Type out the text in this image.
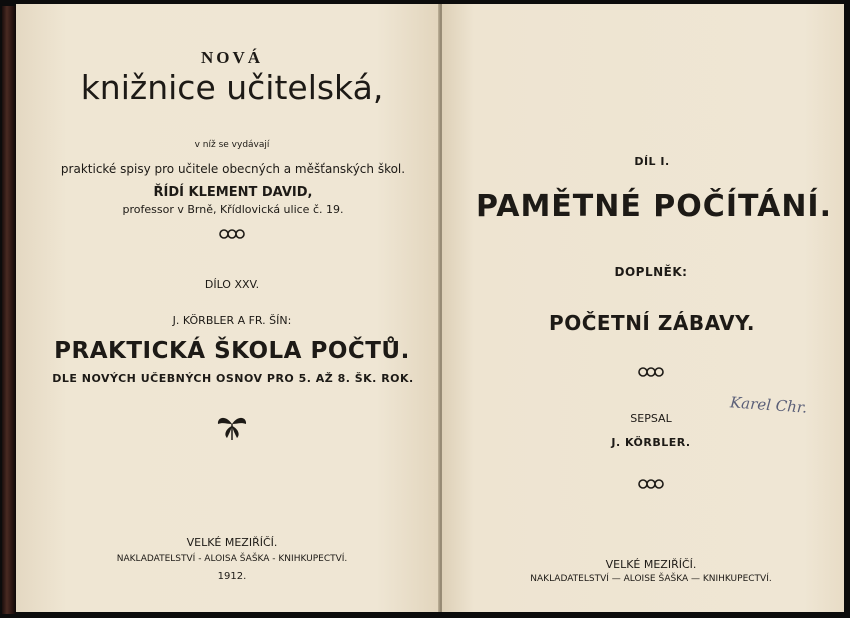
NOVÁ
knižnice učitelská,
v níž se vydávají
praktické spisy pro učitele obecných a měšťanských škol.
ŘÍDÍ KLEMENT DAVID,
professor v Brně, Křídlovická ulice č. 19.
DÍLO XXV.
J. KÖRBLER A FR. ŠÍN:
PRAKTICKÁ ŠKOLA POČTŮ.
DLE NOVÝCH UČEBNÝCH OSNOV PRO 5. AŽ 8. ŠK. ROK.
VELKÉ MEZIŘÍČÍ.
NAKLADATELSTVÍ - ALOISA ŠAŠKA - KNIHKUPECTVÍ.
1912.
DÍL I.
PAMĚTNÉ POČÍTÁNÍ.
DOPLNĚK:
POČETNÍ ZÁBAVY.
SEPSAL
J. KÖRBLER.
Karel Chr.
VELKÉ MEZIŘÍČÍ.
NAKLADATELSTVÍ — ALOISE ŠAŠKA — KNIHKUPECTVÍ.
